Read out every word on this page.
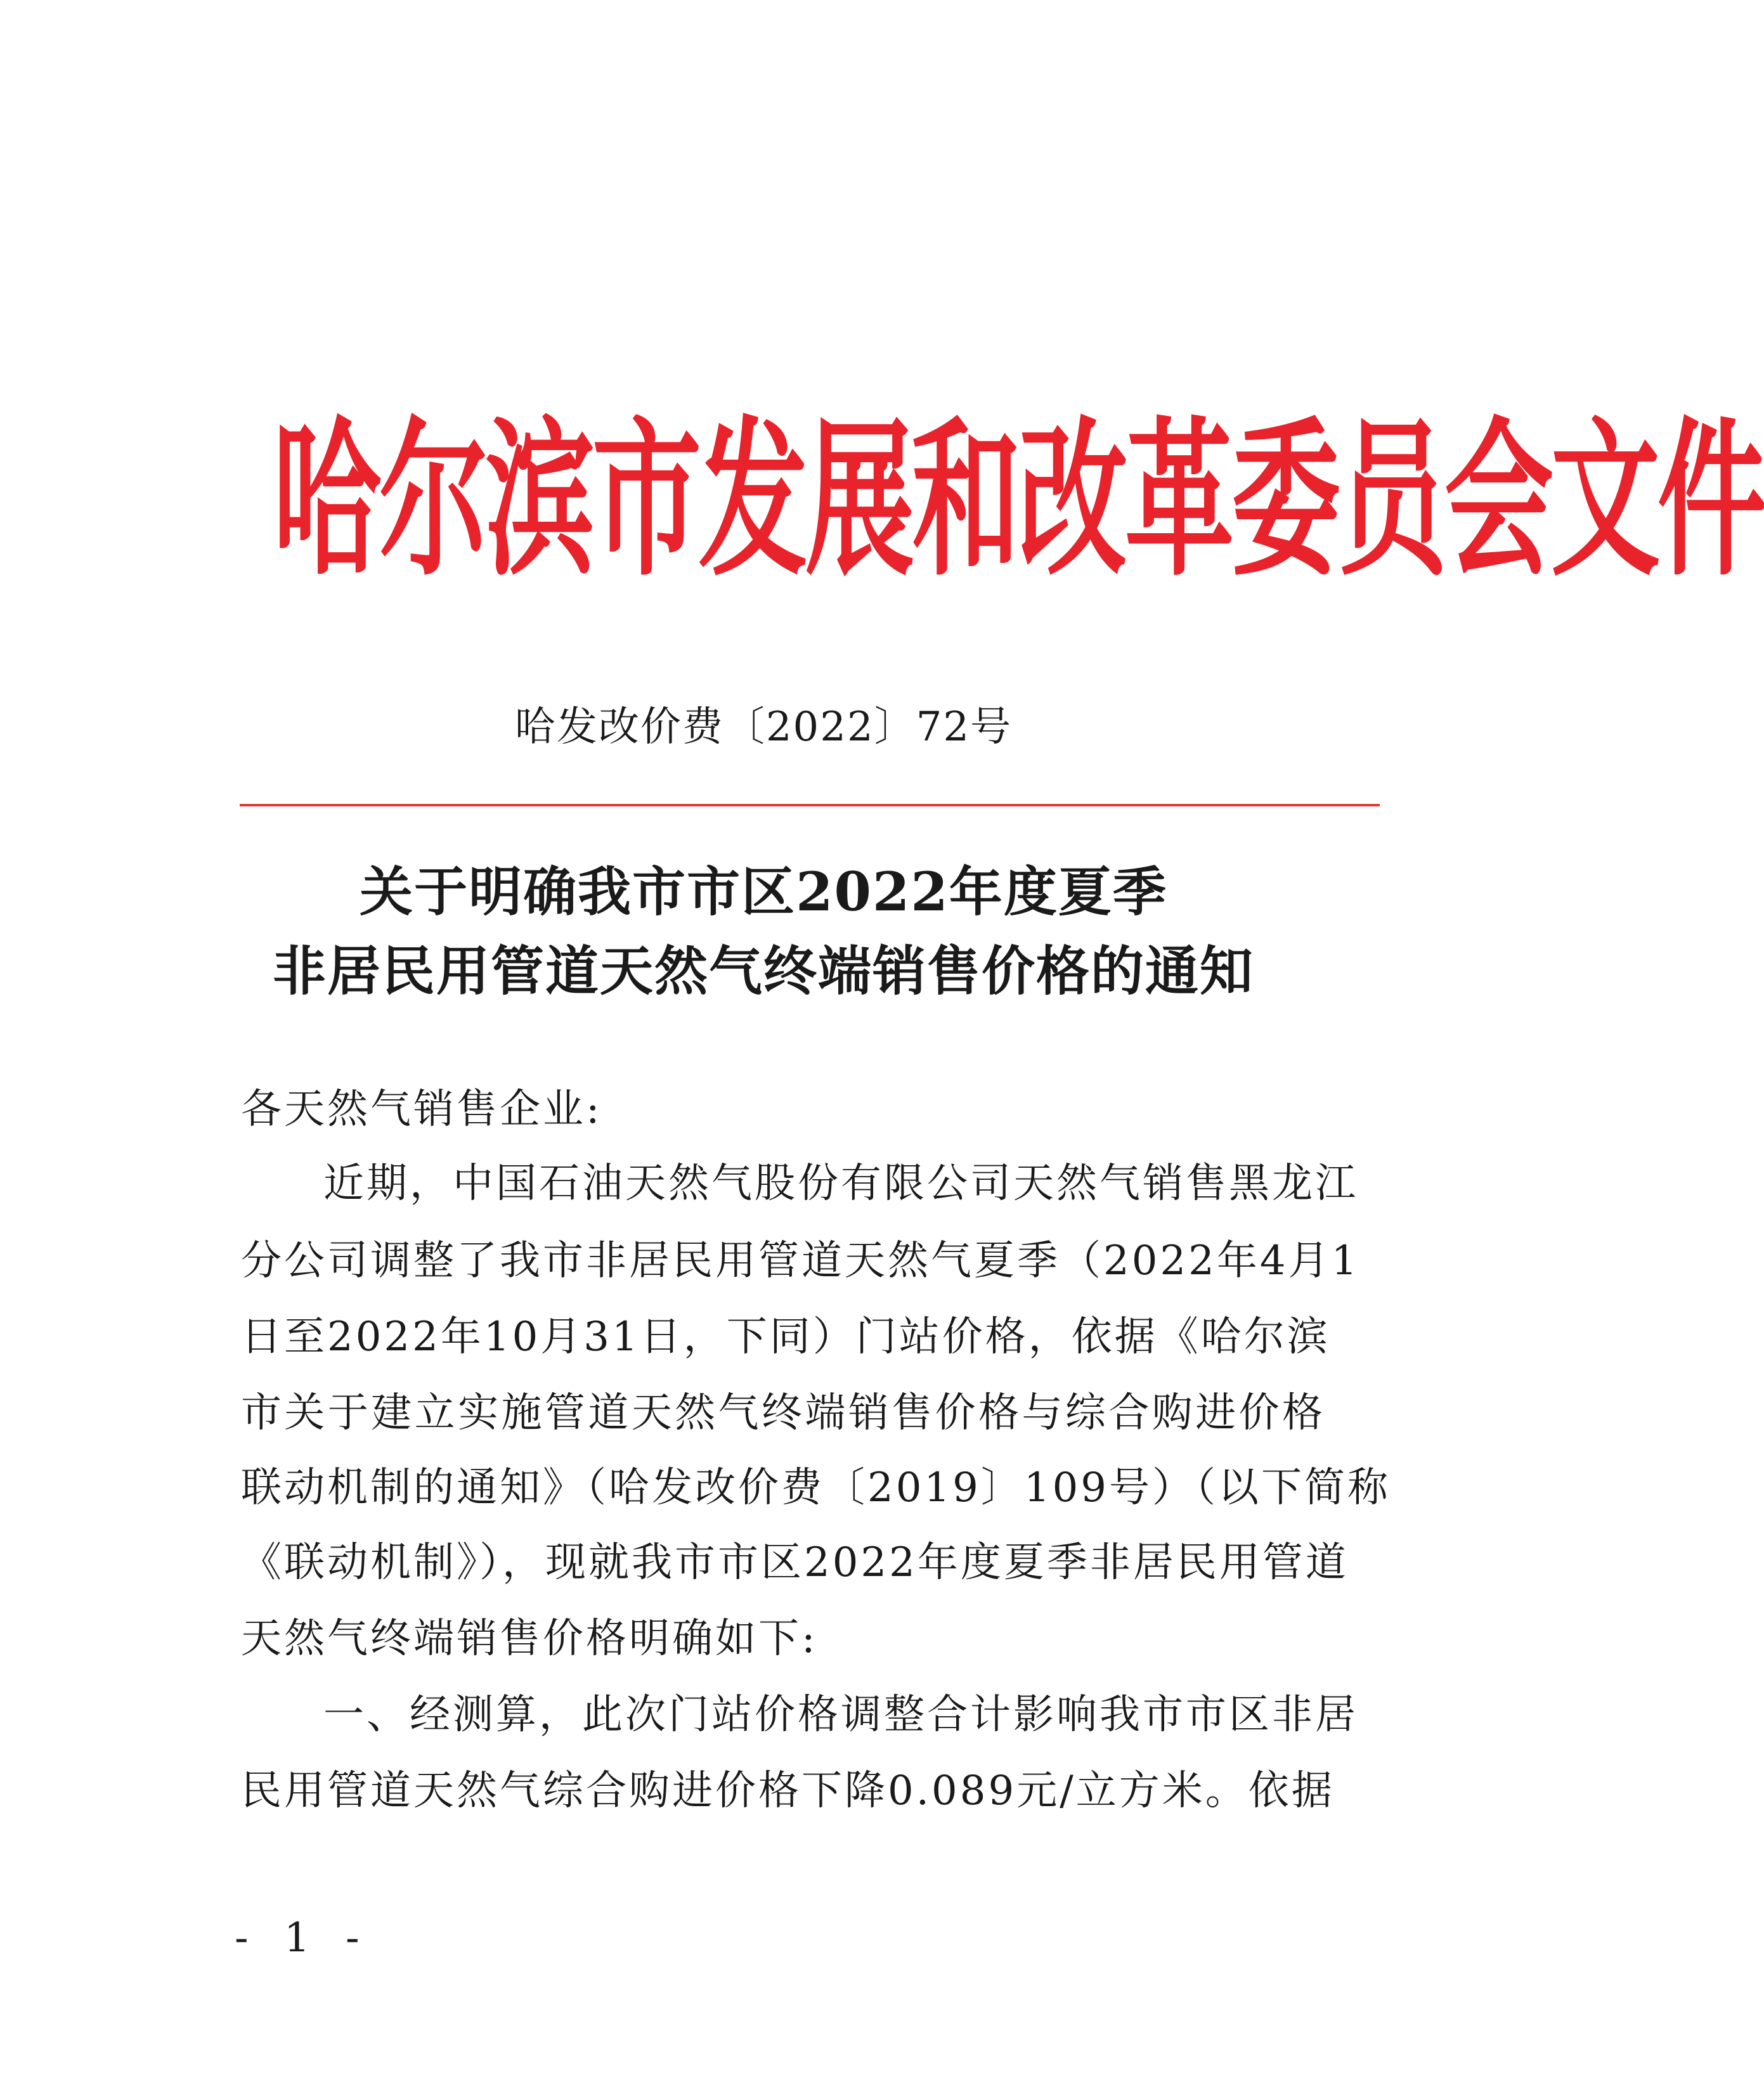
哈尔滨市发展和改革委员会文件
哈发改价费〔2022〕72号
关于明确我市市区2022年度夏季
非居民用管道天然气终端销售价格的通知
各天然气销售企业:
近期，中国石油天然气股份有限公司天然气销售黑龙江
分公司调整了我市非居民用管道天然气夏季（2022年4月1
日至2022年10月31日，下同）门站价格，依据《哈尔滨
市关于建立实施管道天然气终端销售价格与综合购进价格
联动机制的通知》（哈发改价费〔2019〕109号）（以下简称
《联动机制》），现就我市市区2022年度夏季非居民用管道
天然气终端销售价格明确如下:
一、经测算，此次门站价格调整合计影响我市市区非居
民用管道天然气综合购进价格下降0.089元/立方米。依据
- 1 -
